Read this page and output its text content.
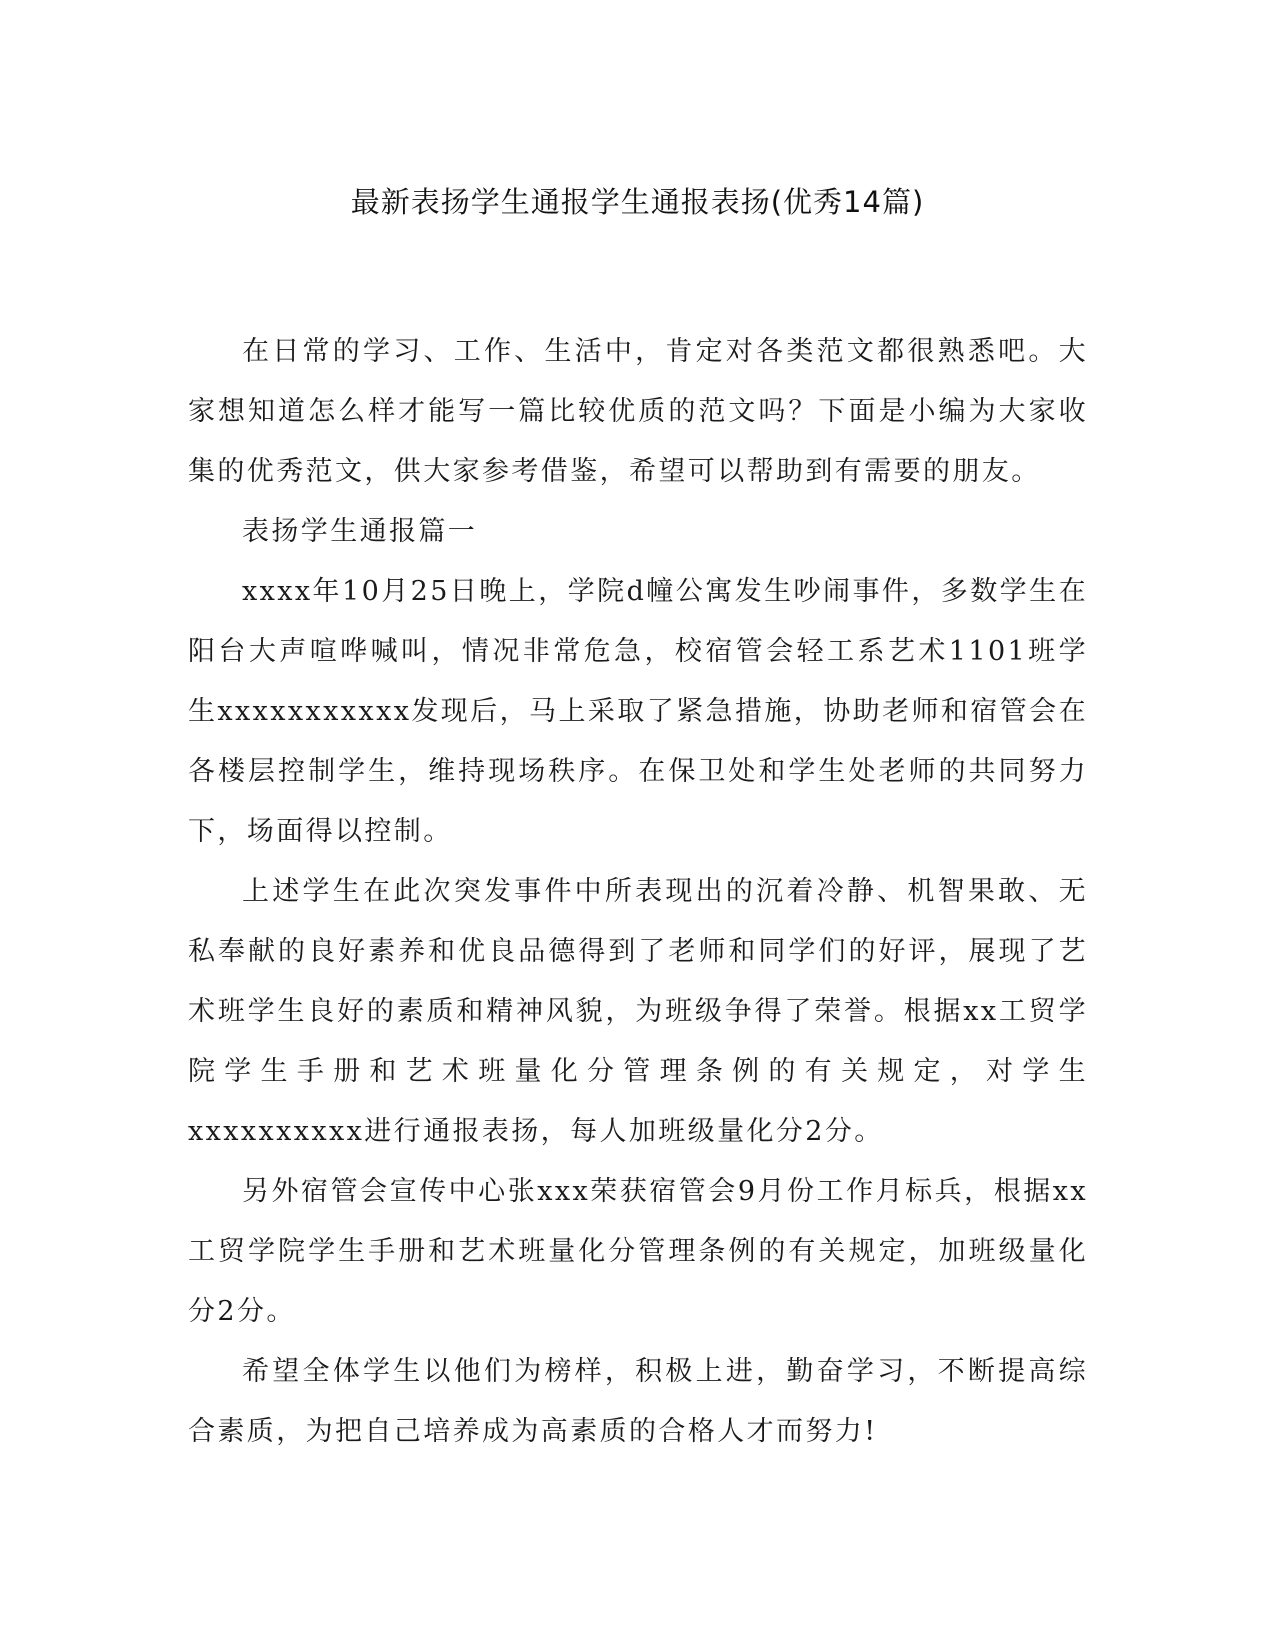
最新表扬学生通报学生通报表扬(优秀14篇)

在日常的学习、工作、生活中，肯定对各类范文都很熟悉吧。大家想知道怎么样才能写一篇比较优质的范文吗？下面是小编为大家收集的优秀范文，供大家参考借鉴，希望可以帮助到有需要的朋友。

表扬学生通报篇一

xxxx年10月25日晚上，学院d幢公寓发生吵闹事件，多数学生在阳台大声喧哗喊叫，情况非常危急，校宿管会轻工系艺术1101班学生xxxxxxxxxxx发现后，马上采取了紧急措施，协助老师和宿管会在各楼层控制学生，维持现场秩序。在保卫处和学生处老师的共同努力下，场面得以控制。

上述学生在此次突发事件中所表现出的沉着冷静、机智果敢、无私奉献的良好素养和优良品德得到了老师和同学们的好评，展现了艺术班学生良好的素质和精神风貌，为班级争得了荣誉。根据xx工贸学院学生手册和艺术班量化分管理条例的有关规定，对学生xxxxxxxxxx进行通报表扬，每人加班级量化分2分。

另外宿管会宣传中心张xxx荣获宿管会9月份工作月标兵，根据xx工贸学院学生手册和艺术班量化分管理条例的有关规定，加班级量化分2分。

希望全体学生以他们为榜样，积极上进，勤奋学习，不断提高综合素质，为把自己培养成为高素质的合格人才而努力!
